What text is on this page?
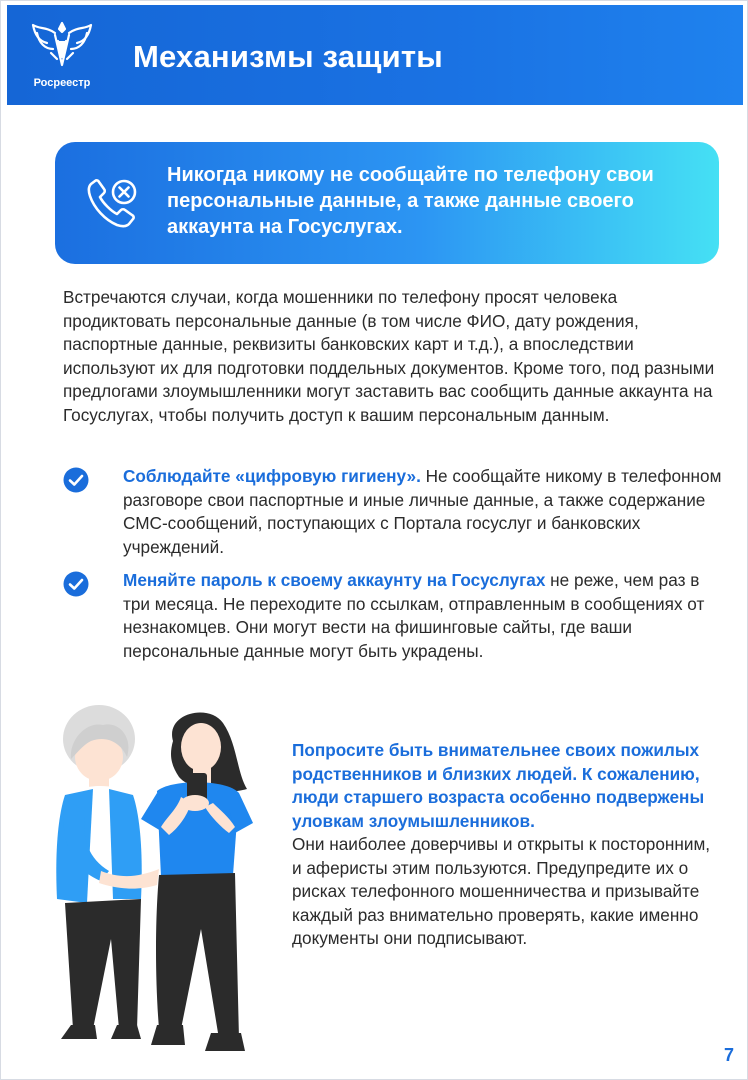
Росреестр
Механизмы защиты
Никогда никому не сообщайте по телефону свои персональные данные, а также данные своего аккаунта на Госуслугах.
Встречаются случаи, когда мошенники по телефону просят человека продиктовать персональные данные (в том числе ФИО, дату рождения, паспортные данные, реквизиты банковских карт и т.д.), а впоследствии используют их для подготовки поддельных документов. Кроме того, под разными предлогами злоумышленники могут заставить вас сообщить данные аккаунта на Госуслугах, чтобы получить доступ к вашим персональным данным.
Соблюдайте «цифровую гигиену». Не сообщайте никому в телефонном разговоре свои паспортные и иные личные данные, а также содержание СМС-сообщений, поступающих с Портала госуслуг и банковских учреждений.
Меняйте пароль к своему аккаунту на Госуслугах не реже, чем раз в три месяца. Не переходите по ссылкам, отправленным в сообщениях от незнакомцев. Они могут вести на фишинговые сайты, где ваши персональные данные могут быть украдены.
Попросите быть внимательнее своих пожилых родственников и близких людей. К сожалению, люди старшего возраста особенно подвержены уловкам злоумышленников.
Они наиболее доверчивы и открыты к посторонним, и аферисты этим пользуются. Предупредите их о рисках телефонного мошенничества и призывайте каждый раз внимательно проверять, какие именно документы они подписывают.
7
